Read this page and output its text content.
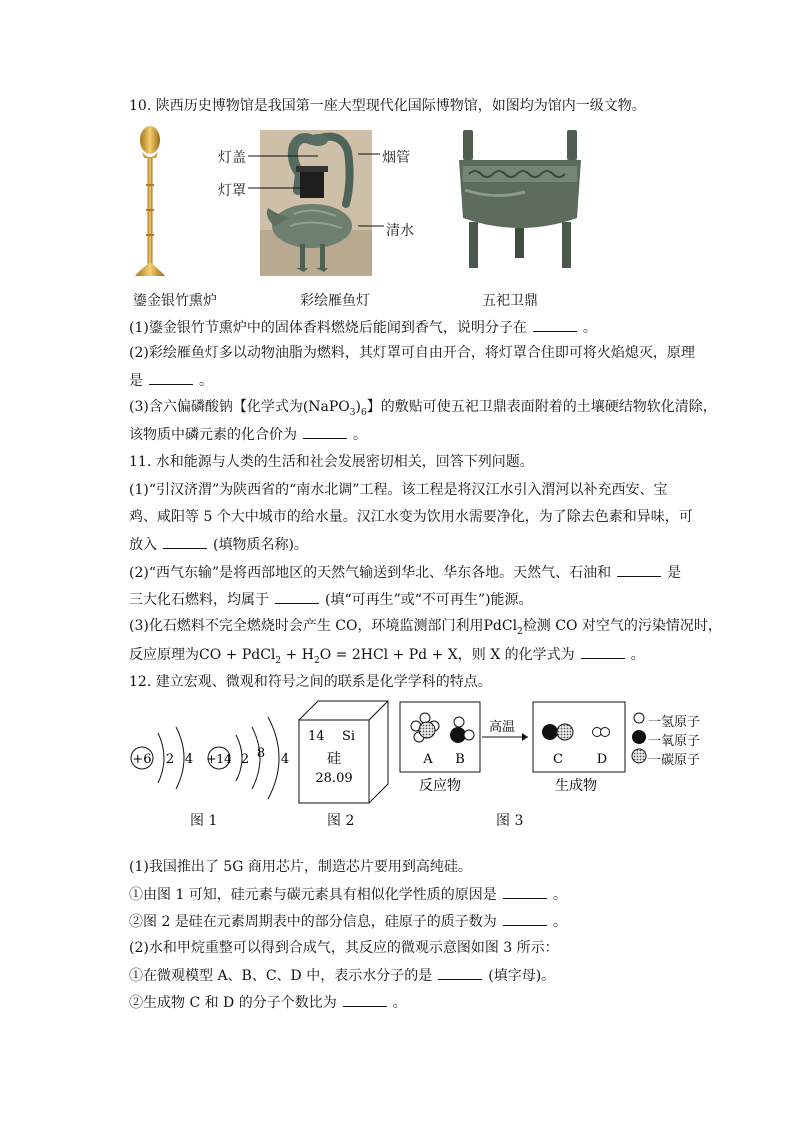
10. 陕西历史博物馆是我国第一座大型现代化国际博物馆，如图均为馆内一级文物。
灯盖
灯罩
烟管
清水
鎏金银竹熏炉	彩绘雁鱼灯	五祀卫鼎
(1)鎏金银竹节熏炉中的固体香料燃烧后能闻到香气，说明分子在	。
(2)彩绘雁鱼灯多以动物油脂为燃料，其灯罩可自由开合，将灯罩合住即可将火焰熄灭，原理
是	。
(3)含六偏磷酸钠【化学式为$(NaPO_3)_6$】的敷贴可使五祀卫鼎表面附着的土壤硬结物软化清除，
该物质中磷元素的化合价为	。
11. 水和能源与人类的生活和社会发展密切相关，回答下列问题。
(1)“引汉济渭”为陕西省的“南水北调”工程。该工程是将汉江水引入渭河以补充西安、宝
鸡、咸阳等 5 个大中城市的给水量。汉江水变为饮用水需要净化，为了除去色素和异味，可
放入	(填物质名称)。
(2)“西气东输”是将西部地区的天然气输送到华北、华东各地。天然气、石油和	是
三大化石燃料，均属于	(填“可再生”或“不可再生”)能源。
(3)化石燃料不完全燃烧时会产生 CO，环境监测部门利用PdCl$_2$检测 CO 对空气的污染情况时，
反应原理为CO + PdCl$_2$ + $H_2O = 2HCl + Pd + X$，则 X 的化学式为	。
12. 建立宏观、微观和符号之间的联系是化学学科的特点。
+6 2 4 +14 2 8 4
14 Si
硅
28.09
A B
高温
C	D
反应物	生成物
一氢原子
一氧原子
一碳原子
图 1	图 2	图 3
(1)我国推出了 5G 商用芯片，制造芯片要用到高纯硅。
①由图 1 可知，硅元素与碳元素具有相似化学性质的原因是	。
②图 2 是硅在元素周期表中的部分信息，硅原子的质子数为	。
(2)水和甲烷重整可以得到合成气，其反应的微观示意图如图 3 所示：
①在微观模型 A、B、C、D 中，表示水分子的是	(填字母)。
②生成物 C 和 D 的分子个数比为	。
